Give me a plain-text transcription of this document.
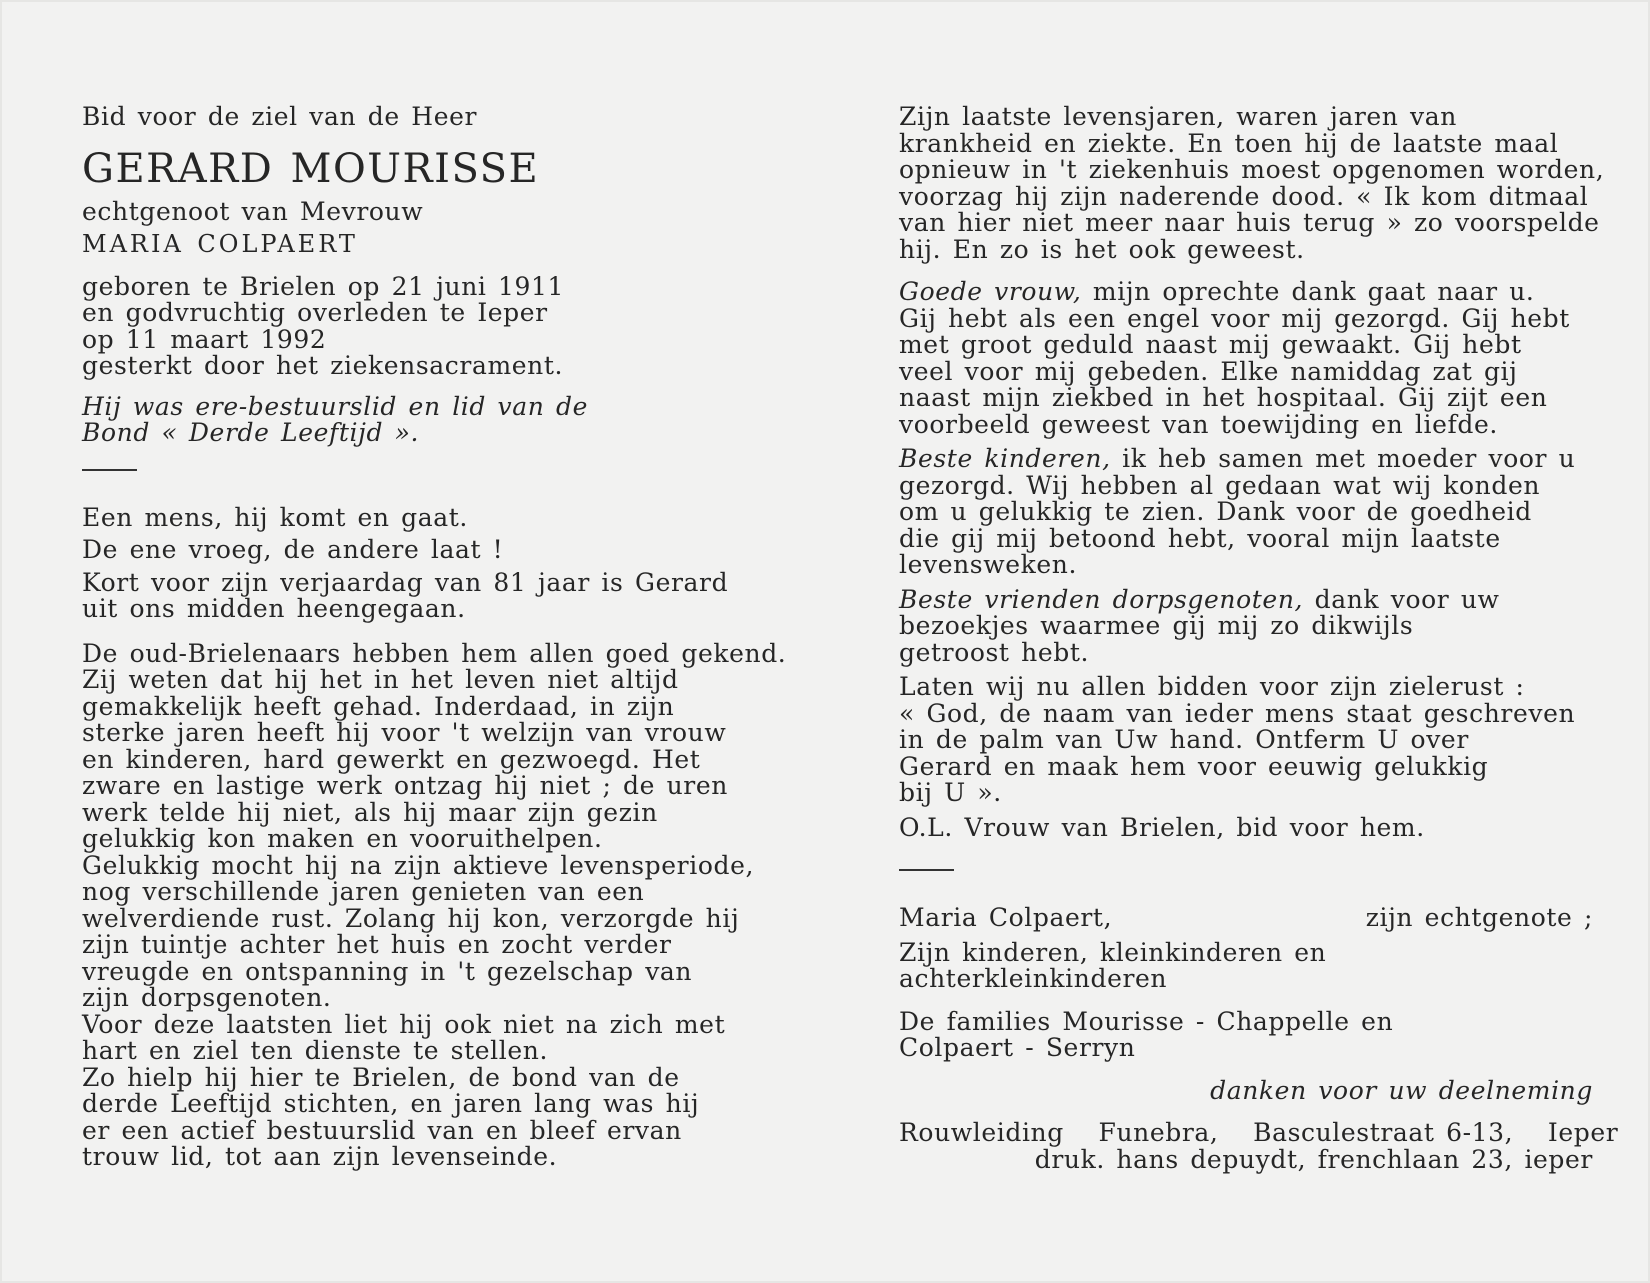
Bid voor de ziel van de Heer

GERARD MOURISSE
echtgenoot van Mevrouw
MARIA COLPAERT
geboren te Brielen op 21 juni 1911
en godvruchtig overleden te Ieper
op 11 maart 1992
gesterkt door het ziekensacrament.
Hij was ere-bestuurslid en lid van de
Bond « Derde Leeftijd ».
Een mens, hij komt en gaat.
De ene vroeg, de andere laat !
Kort voor zijn verjaardag van 81 jaar is Gerard
uit ons midden heengegaan.
De oud-Brielenaars hebben hem allen goed gekend.
Zij weten dat hij het in het leven niet altijd
gemakkelijk heeft gehad. Inderdaad, in zijn
sterke jaren heeft hij voor 't welzijn van vrouw
en kinderen, hard gewerkt en gezwoegd. Het
zware en lastige werk ontzag hij niet ; de uren
werk telde hij niet, als hij maar zijn gezin
gelukkig kon maken en vooruithelpen.
Gelukkig mocht hij na zijn aktieve levensperiode,
nog verschillende jaren genieten van een
welverdiende rust. Zolang hij kon, verzorgde hij
zijn tuintje achter het huis en zocht verder
vreugde en ontspanning in 't gezelschap van
zijn dorpsgenoten.
Voor deze laatsten liet hij ook niet na zich met
hart en ziel ten dienste te stellen.
Zo hielp hij hier te Brielen, de bond van de
derde Leeftijd stichten, en jaren lang was hij
er een actief bestuurslid van en bleef ervan
trouw lid, tot aan zijn levenseinde.
Zijn laatste levensjaren, waren jaren van
krankheid en ziekte. En toen hij de laatste maal
opnieuw in 't ziekenhuis moest opgenomen worden,
voorzag hij zijn naderende dood. « Ik kom ditmaal
van hier niet meer naar huis terug » zo voorspelde
hij. En zo is het ook geweest.
Goede vrouw, mijn oprechte dank gaat naar u.
Gij hebt als een engel voor mij gezorgd. Gij hebt
met groot geduld naast mij gewaakt. Gij hebt
veel voor mij gebeden. Elke namiddag zat gij
naast mijn ziekbed in het hospitaal. Gij zijt een
voorbeeld geweest van toewijding en liefde.
Beste kinderen, ik heb samen met moeder voor u
gezorgd. Wij hebben al gedaan wat wij konden
om u gelukkig te zien. Dank voor de goedheid
die gij mij betoond hebt, vooral mijn laatste
levensweken.
Beste vrienden dorpsgenoten, dank voor uw
bezoekjes waarmee gij mij zo dikwijls
getroost hebt.
Laten wij nu allen bidden voor zijn zielerust :
« God, de naam van ieder mens staat geschreven
in de palm van Uw hand. Ontferm U over
Gerard en maak hem voor eeuwig gelukkig
bij U ».
O.L. Vrouw van Brielen, bid voor hem.
Maria Colpaert,	zijn echtgenote ;
Zijn kinderen, kleinkinderen en
achterkleinkinderen
De families Mourisse - Chappelle en
Colpaert - Serryn
danken voor uw deelneming
Rouwleiding   Funebra,   Basculestraat 6-13,   Ieper
druk. hans depuydt, frenchlaan 23, ieper
